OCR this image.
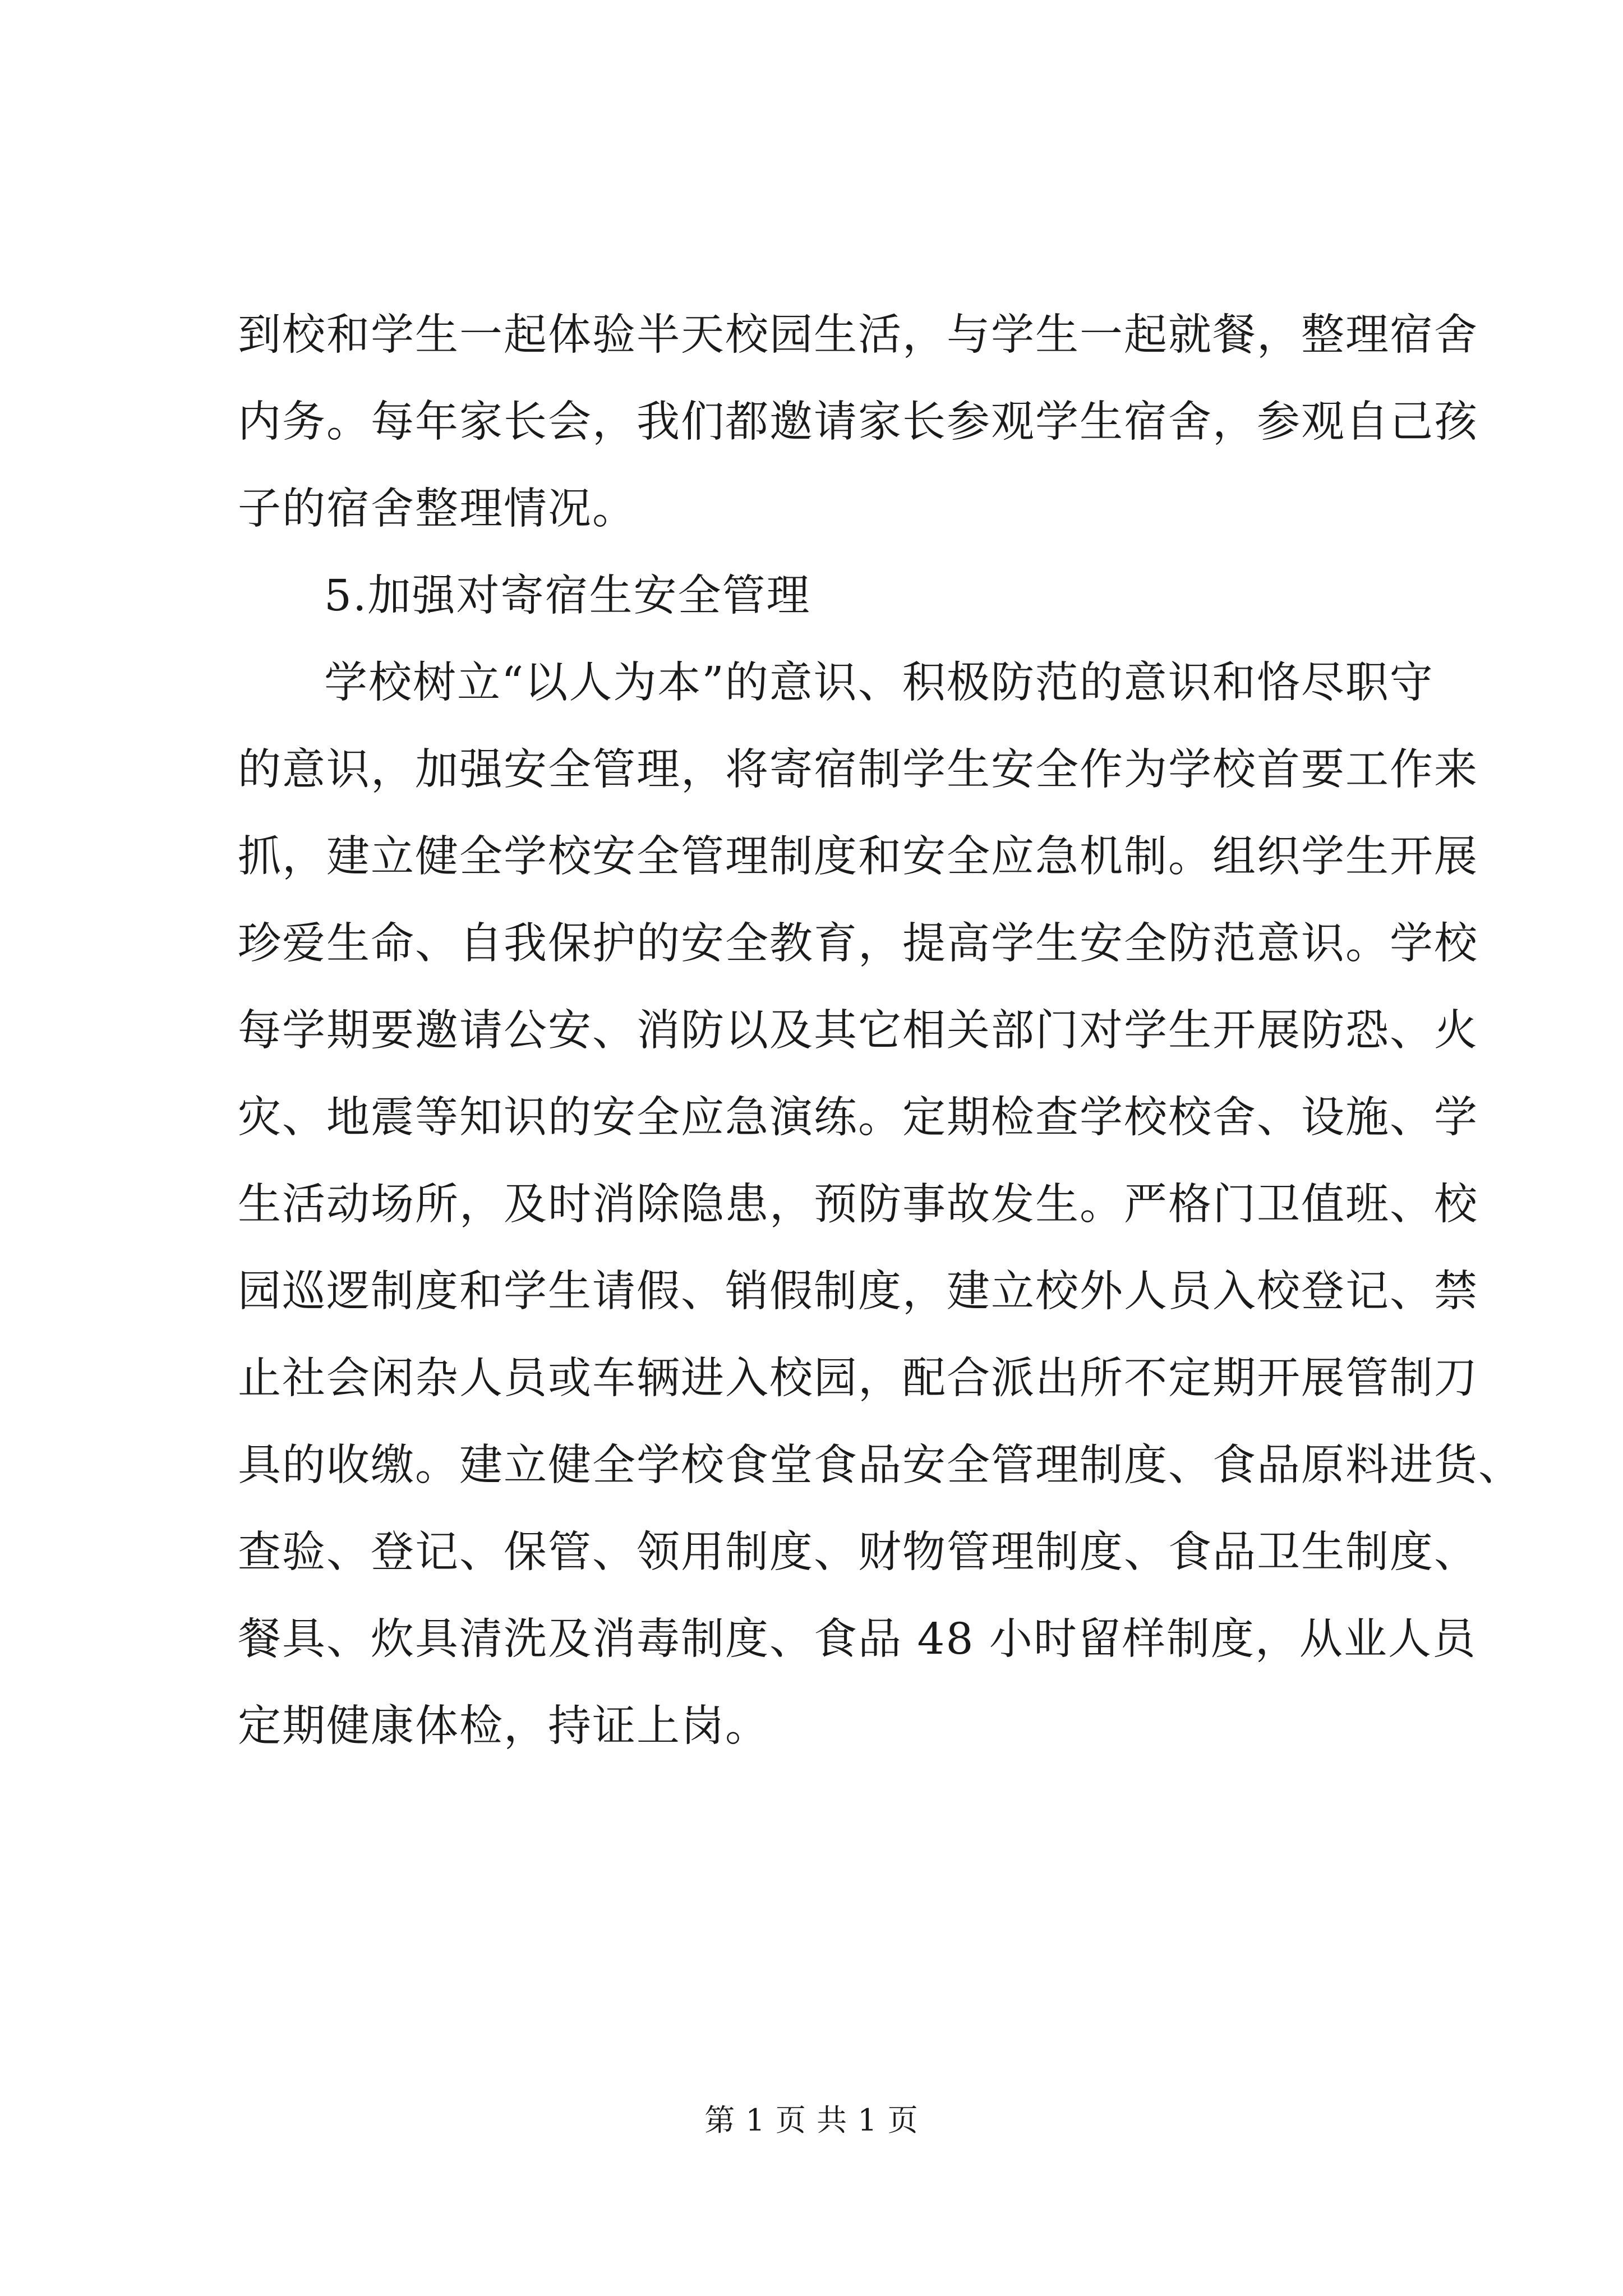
到校和学生一起体验半天校园生活，与学生一起就餐，整理宿舍
内务。每年家长会，我们都邀请家长参观学生宿舍，参观自己孩
子的宿舍整理情况。
5.加强对寄宿生安全管理
学校树立“以人为本”的意识、积极防范的意识和恪尽职守
的意识，加强安全管理，将寄宿制学生安全作为学校首要工作来
抓，建立健全学校安全管理制度和安全应急机制。组织学生开展
珍爱生命、自我保护的安全教育，提高学生安全防范意识。学校
每学期要邀请公安、消防以及其它相关部门对学生开展防恐、火
灾、地震等知识的安全应急演练。定期检查学校校舍、设施、学
生活动场所，及时消除隐患，预防事故发生。严格门卫值班、校
园巡逻制度和学生请假、销假制度，建立校外人员入校登记、禁
止社会闲杂人员或车辆进入校园，配合派出所不定期开展管制刀
具的收缴。建立健全学校食堂食品安全管理制度、食品原料进货、
查验、登记、保管、领用制度、财物管理制度、食品卫生制度、
餐具、炊具清洗及消毒制度、食品 48 小时留样制度，从业人员
定期健康体检，持证上岗。
第 1 页 共 1 页
